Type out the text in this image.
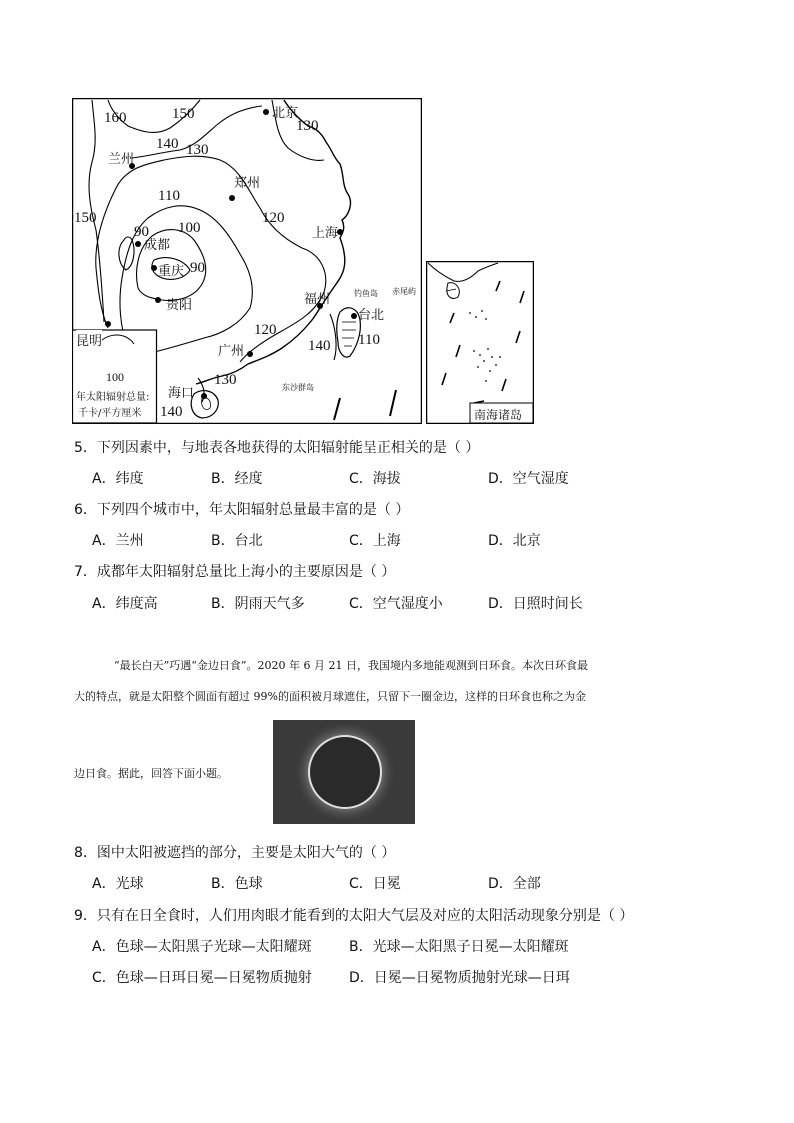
160	150
140 130
110
100
90
90
150	120
130
120
140 110
130
140
北京
兰州
郑州
成都
重庆
贵阳
上海
福州
台北
昆明
广州
海口
钓鱼岛 赤尾屿
东沙群岛
100
年太阳辐射总量:
千卡/平方厘米	南海诸岛
5．下列因素中，与地表各地获得的太阳辐射能呈正相关的是（ ）
A．纬度	B．经度	C．海拔	D．空气湿度
6．下列四个城市中，年太阳辐射总量最丰富的是（ ）
A．兰州	B．台北	C．上海	D．北京
7．成都年太阳辐射总量比上海小的主要原因是（ ）
A．纬度高	B．阴雨天气多	C．空气湿度小	D．日照时间长
“最长白天”巧遇“金边日食”。2020 年 6 月 21 日，我国境内多地能观测到日环食。本次日环食最
大的特点，就是太阳整个圆面有超过 99%的面积被月球遮住，只留下一圈金边，这样的日环食也称之为金
边日食。据此，回答下面小题。
8．图中太阳被遮挡的部分，主要是太阳大气的（ ）
A．光球	B．色球	C．日冕	D．全部
9．只有在日全食时，人们用肉眼才能看到的太阳大气层及对应的太阳活动现象分别是（ ）
A．色球—太阳黑子光球—太阳耀斑	B．光球—太阳黑子日冕—太阳耀斑
C．色球—日珥日冕—日冕物质抛射	D．日冕—日冕物质抛射光球—日珥
